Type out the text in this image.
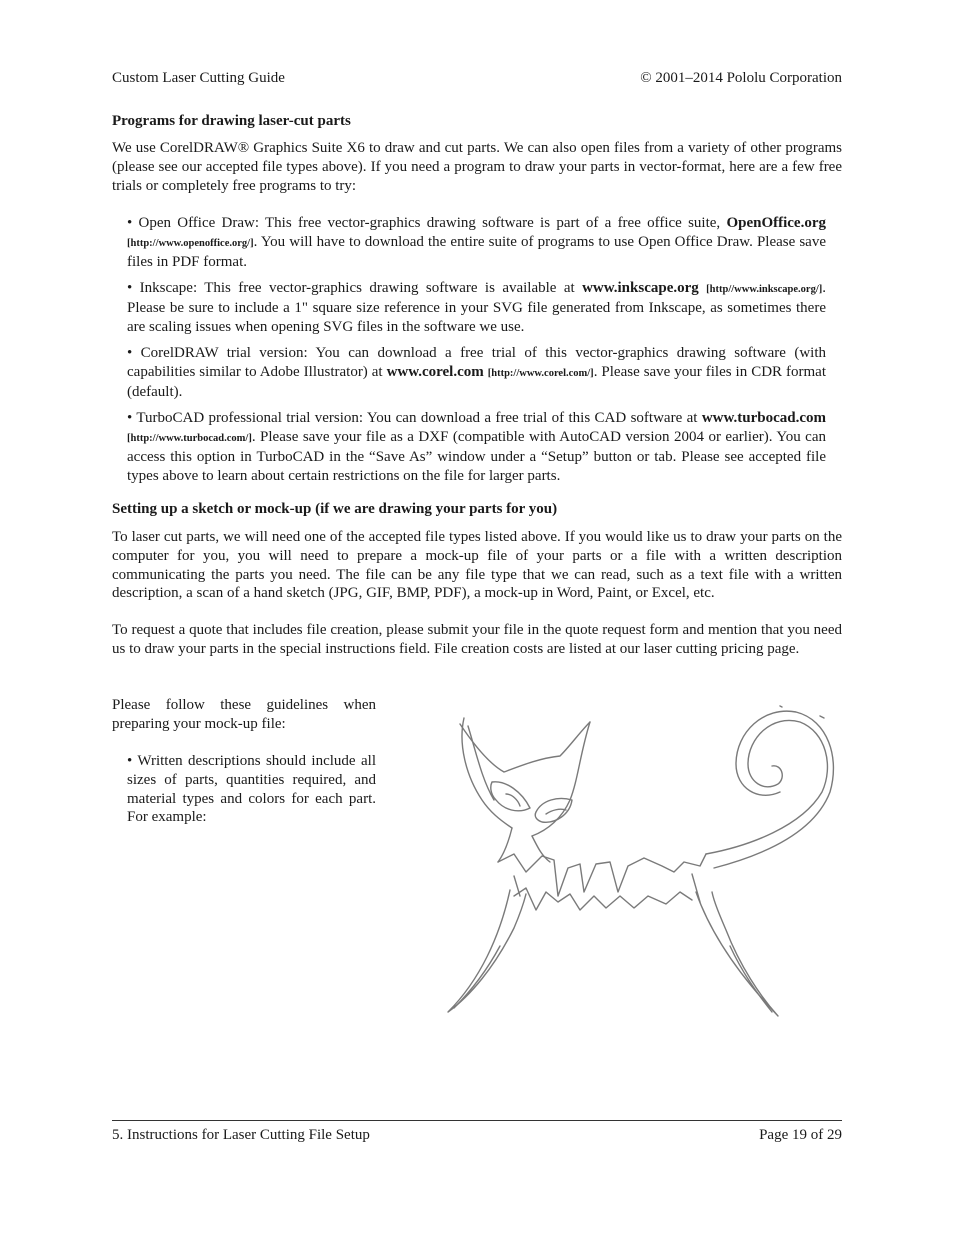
Custom Laser Cutting Guide	© 2001–2014 Pololu Corporation
Programs for drawing laser-cut parts

We use CorelDRAW® Graphics Suite X6 to draw and cut parts. We can also open files from a variety of other programs (please see our accepted file types above). If you need a program to draw your parts in vector-format, here are a few free trials or completely free programs to try:

• Open Office Draw: This free vector-graphics drawing software is part of a free office suite, OpenOffice.org [http://www.openoffice.org/]. You will have to download the entire suite of programs to use Open Office Draw. Please save files in PDF format.
• Inkscape: This free vector-graphics drawing software is available at www.inkscape.org [http//www.inkscape.org/]. Please be sure to include a 1" square size reference in your SVG file generated from Inkscape, as sometimes there are scaling issues when opening SVG files in the software we use.
• CorelDRAW trial version: You can download a free trial of this vector-graphics drawing software (with capabilities similar to Adobe Illustrator) at www.corel.com [http://www.corel.com/]. Please save your files in CDR format (default).
• TurboCAD professional trial version: You can download a free trial of this CAD software at www.turbocad.com [http://www.turbocad.com/]. Please save your file as a DXF (compatible with AutoCAD version 2004 or earlier). You can access this option in TurboCAD in the “Save As” window under a “Setup” button or tab. Please see accepted file types above to learn about certain restrictions on the file for larger parts.
Setting up a sketch or mock-up (if we are drawing your parts for you)

To laser cut parts, we will need one of the accepted file types listed above. If you would like us to draw your parts on the computer for you, you will need to prepare a mock-up file of your parts or a file with a written description communicating the parts you need. The file can be any file type that we can read, such as a text file with a written description, a scan of a hand sketch (JPG, GIF, BMP, PDF), a mock-up in Word, Paint, or Excel, etc.

To request a quote that includes file creation, please submit your file in the quote request form and mention that you need us to draw your parts in the special instructions field. File creation costs are listed at our laser cutting pricing page.

Please follow these guidelines when preparing your mock-up file:

• Written descriptions should include all sizes of parts, quantities required, and material types and colors for each part. For example:

5. Instructions for Laser Cutting File Setup	Page 19 of 29
